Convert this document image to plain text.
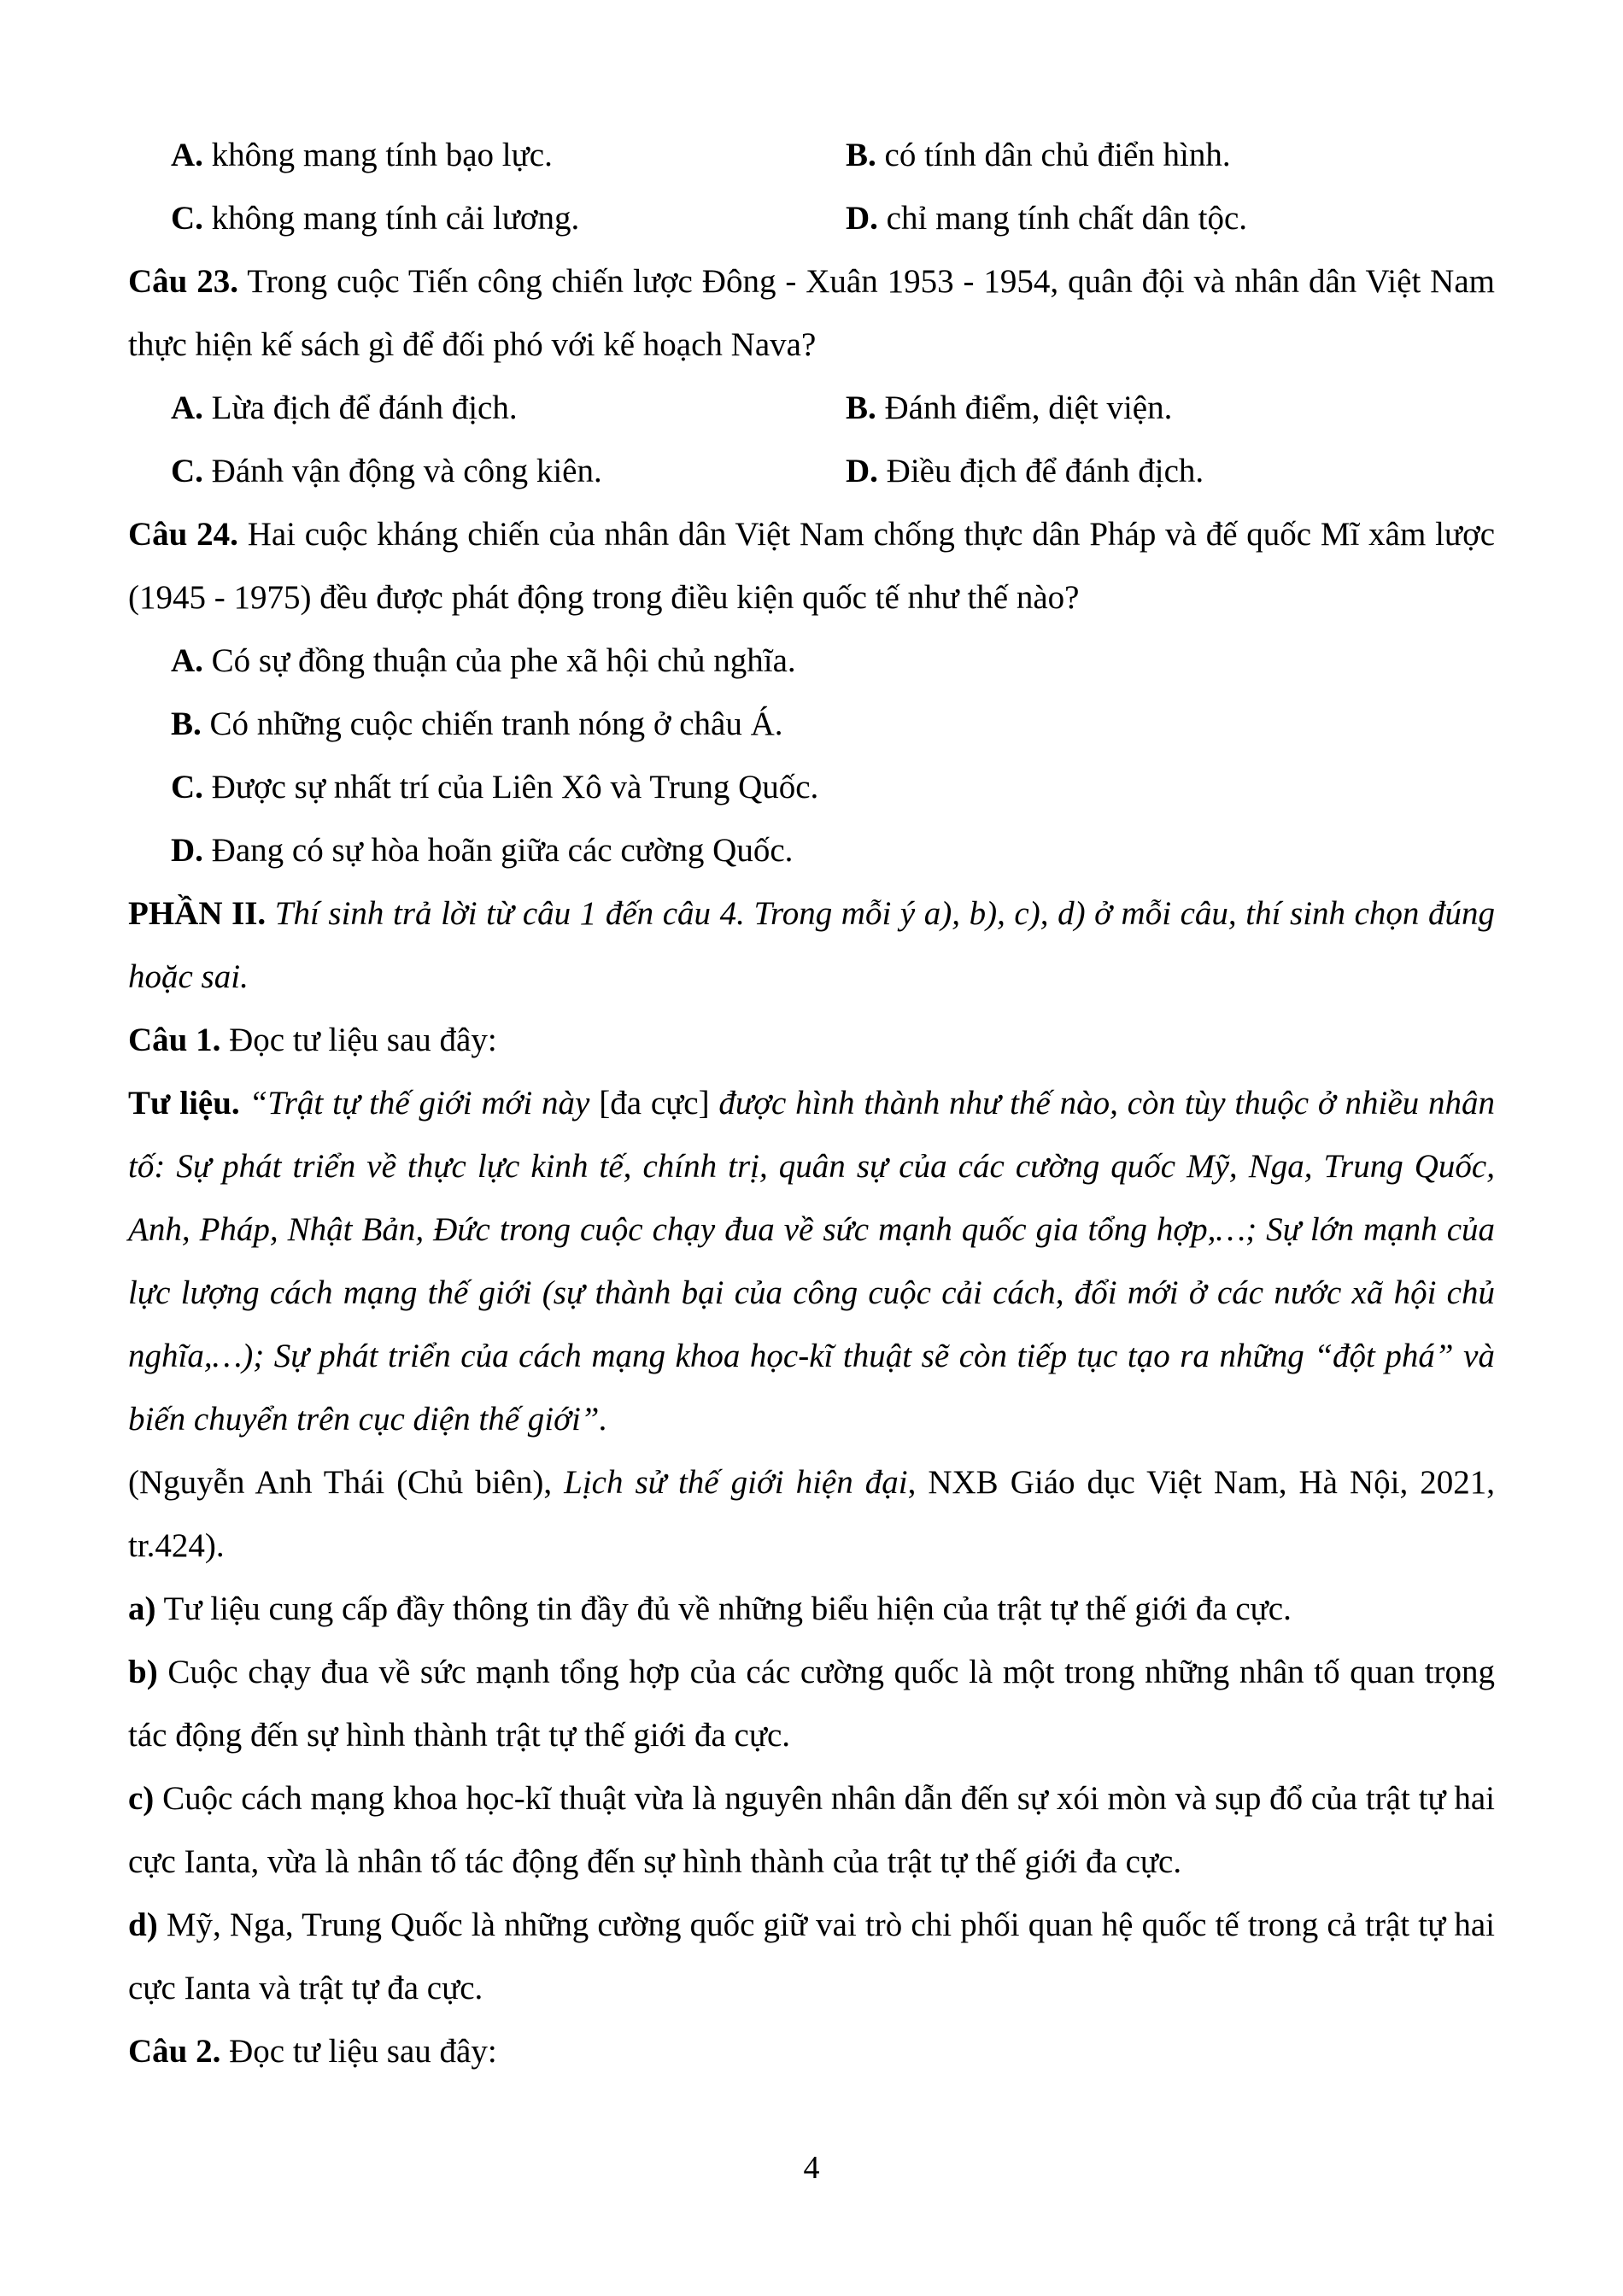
A. không mang tính bạo lực.	B. có tính dân chủ điển hình.
C. không mang tính cải lương.	D. chỉ mang tính chất dân tộc.

Câu 23. Trong cuộc Tiến công chiến lược Đông - Xuân 1953 - 1954, quân đội và nhân dân Việt Nam thực hiện kế sách gì để đối phó với kế hoạch Nava?

A. Lừa địch để đánh địch.	B. Đánh điểm, diệt viện.
C. Đánh vận động và công kiên.	D. Điều địch để đánh địch.

Câu 24. Hai cuộc kháng chiến của nhân dân Việt Nam chống thực dân Pháp và đế quốc Mĩ xâm lược (1945 - 1975) đều được phát động trong điều kiện quốc tế như thế nào?

A. Có sự đồng thuận của phe xã hội chủ nghĩa.
B. Có những cuộc chiến tranh nóng ở châu Á.
C. Được sự nhất trí của Liên Xô và Trung Quốc.
D. Đang có sự hòa hoãn giữa các cường Quốc.

PHẦN II. Thí sinh trả lời từ câu 1 đến câu 4. Trong mỗi ý a), b), c), d) ở mỗi câu, thí sinh chọn đúng hoặc sai.

Câu 1. Đọc tư liệu sau đây:

Tư liệu. “Trật tự thế giới mới này [đa cực] được hình thành như thế nào, còn tùy thuộc ở nhiều nhân tố: Sự phát triển về thực lực kinh tế, chính trị, quân sự của các cường quốc Mỹ, Nga, Trung Quốc, Anh, Pháp, Nhật Bản, Đức trong cuộc chạy đua về sức mạnh quốc gia tổng hợp,…; Sự lớn mạnh của lực lượng cách mạng thế giới (sự thành bại của công cuộc cải cách, đổi mới ở các nước xã hội chủ nghĩa,…); Sự phát triển của cách mạng khoa học-kĩ thuật sẽ còn tiếp tục tạo ra những “đột phá” và biến chuyển trên cục diện thế giới”.

(Nguyễn Anh Thái (Chủ biên), Lịch sử thế giới hiện đại, NXB Giáo dục Việt Nam, Hà Nội, 2021, tr.424).

a) Tư liệu cung cấp đầy thông tin đầy đủ về những biểu hiện của trật tự thế giới đa cực.

b) Cuộc chạy đua về sức mạnh tổng hợp của các cường quốc là một trong những nhân tố quan trọng tác động đến sự hình thành trật tự thế giới đa cực.

c) Cuộc cách mạng khoa học-kĩ thuật vừa là nguyên nhân dẫn đến sự xói mòn và sụp đổ của trật tự hai cực Ianta, vừa là nhân tố tác động đến sự hình thành của trật tự thế giới đa cực.

d) Mỹ, Nga, Trung Quốc là những cường quốc giữ vai trò chi phối quan hệ quốc tế trong cả trật tự hai cực Ianta và trật tự đa cực.

Câu 2. Đọc tư liệu sau đây:

4
